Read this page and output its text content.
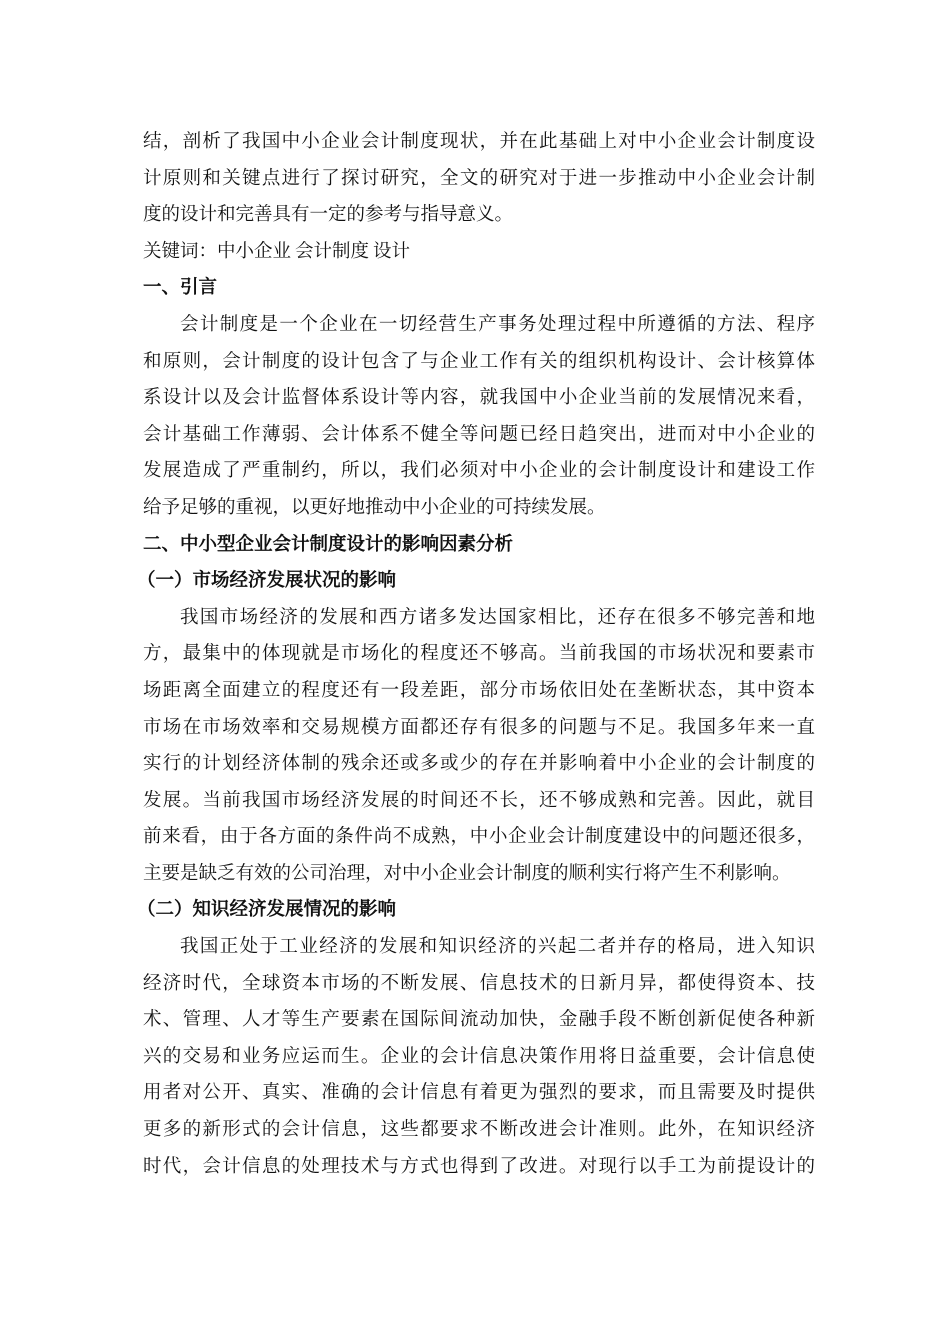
结，剖析了我国中小企业会计制度现状，并在此基础上对中小企业会计制度设
计原则和关键点进行了探讨研究，全文的研究对于进一步推动中小企业会计制
度的设计和完善具有一定的参考与指导意义。
关键词：中小企业 会计制度 设计
一、引言
会计制度是一个企业在一切经营生产事务处理过程中所遵循的方法、程序
和原则，会计制度的设计包含了与企业工作有关的组织机构设计、会计核算体
系设计以及会计监督体系设计等内容，就我国中小企业当前的发展情况来看，
会计基础工作薄弱、会计体系不健全等问题已经日趋突出，进而对中小企业的
发展造成了严重制约，所以，我们必须对中小企业的会计制度设计和建设工作
给予足够的重视，以更好地推动中小企业的可持续发展。
二、中小型企业会计制度设计的影响因素分析
（一）市场经济发展状况的影响
我国市场经济的发展和西方诸多发达国家相比，还存在很多不够完善和地
方，最集中的体现就是市场化的程度还不够高。当前我国的市场状况和要素市
场距离全面建立的程度还有一段差距，部分市场依旧处在垄断状态，其中资本
市场在市场效率和交易规模方面都还存有很多的问题与不足。我国多年来一直
实行的计划经济体制的残余还或多或少的存在并影响着中小企业的会计制度的
发展。当前我国市场经济发展的时间还不长，还不够成熟和完善。因此，就目
前来看，由于各方面的条件尚不成熟，中小企业会计制度建设中的问题还很多，
主要是缺乏有效的公司治理，对中小企业会计制度的顺利实行将产生不利影响。
（二）知识经济发展情况的影响
我国正处于工业经济的发展和知识经济的兴起二者并存的格局，进入知识
经济时代，全球资本市场的不断发展、信息技术的日新月异，都使得资本、技
术、管理、人才等生产要素在国际间流动加快，金融手段不断创新促使各种新
兴的交易和业务应运而生。企业的会计信息决策作用将日益重要，会计信息使
用者对公开、真实、准确的会计信息有着更为强烈的要求，而且需要及时提供
更多的新形式的会计信息，这些都要求不断改进会计准则。此外，在知识经济
时代，会计信息的处理技术与方式也得到了改进。对现行以手工为前提设计的
